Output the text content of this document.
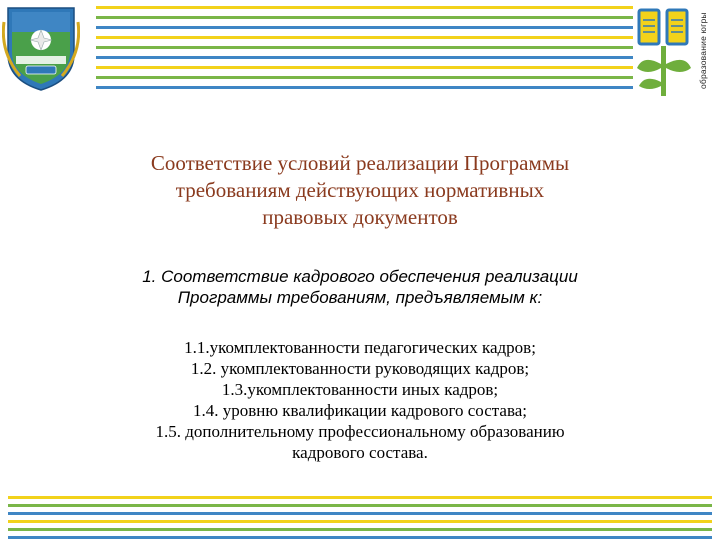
образование югры
Соответствие условий реализации Программы
требованиям действующих нормативных
правовых документов
1. Соответствие кадрового обеспечения реализации
Программы требованиям, предъявляемым к:
1.1.укомплектованности педагогических кадров;
1.2. укомплектованности руководящих кадров;
1.3.укомплектованности иных кадров;
1.4. уровню квалификации кадрового состава;
1.5. дополнительному профессиональному образованию
кадрового состава.
